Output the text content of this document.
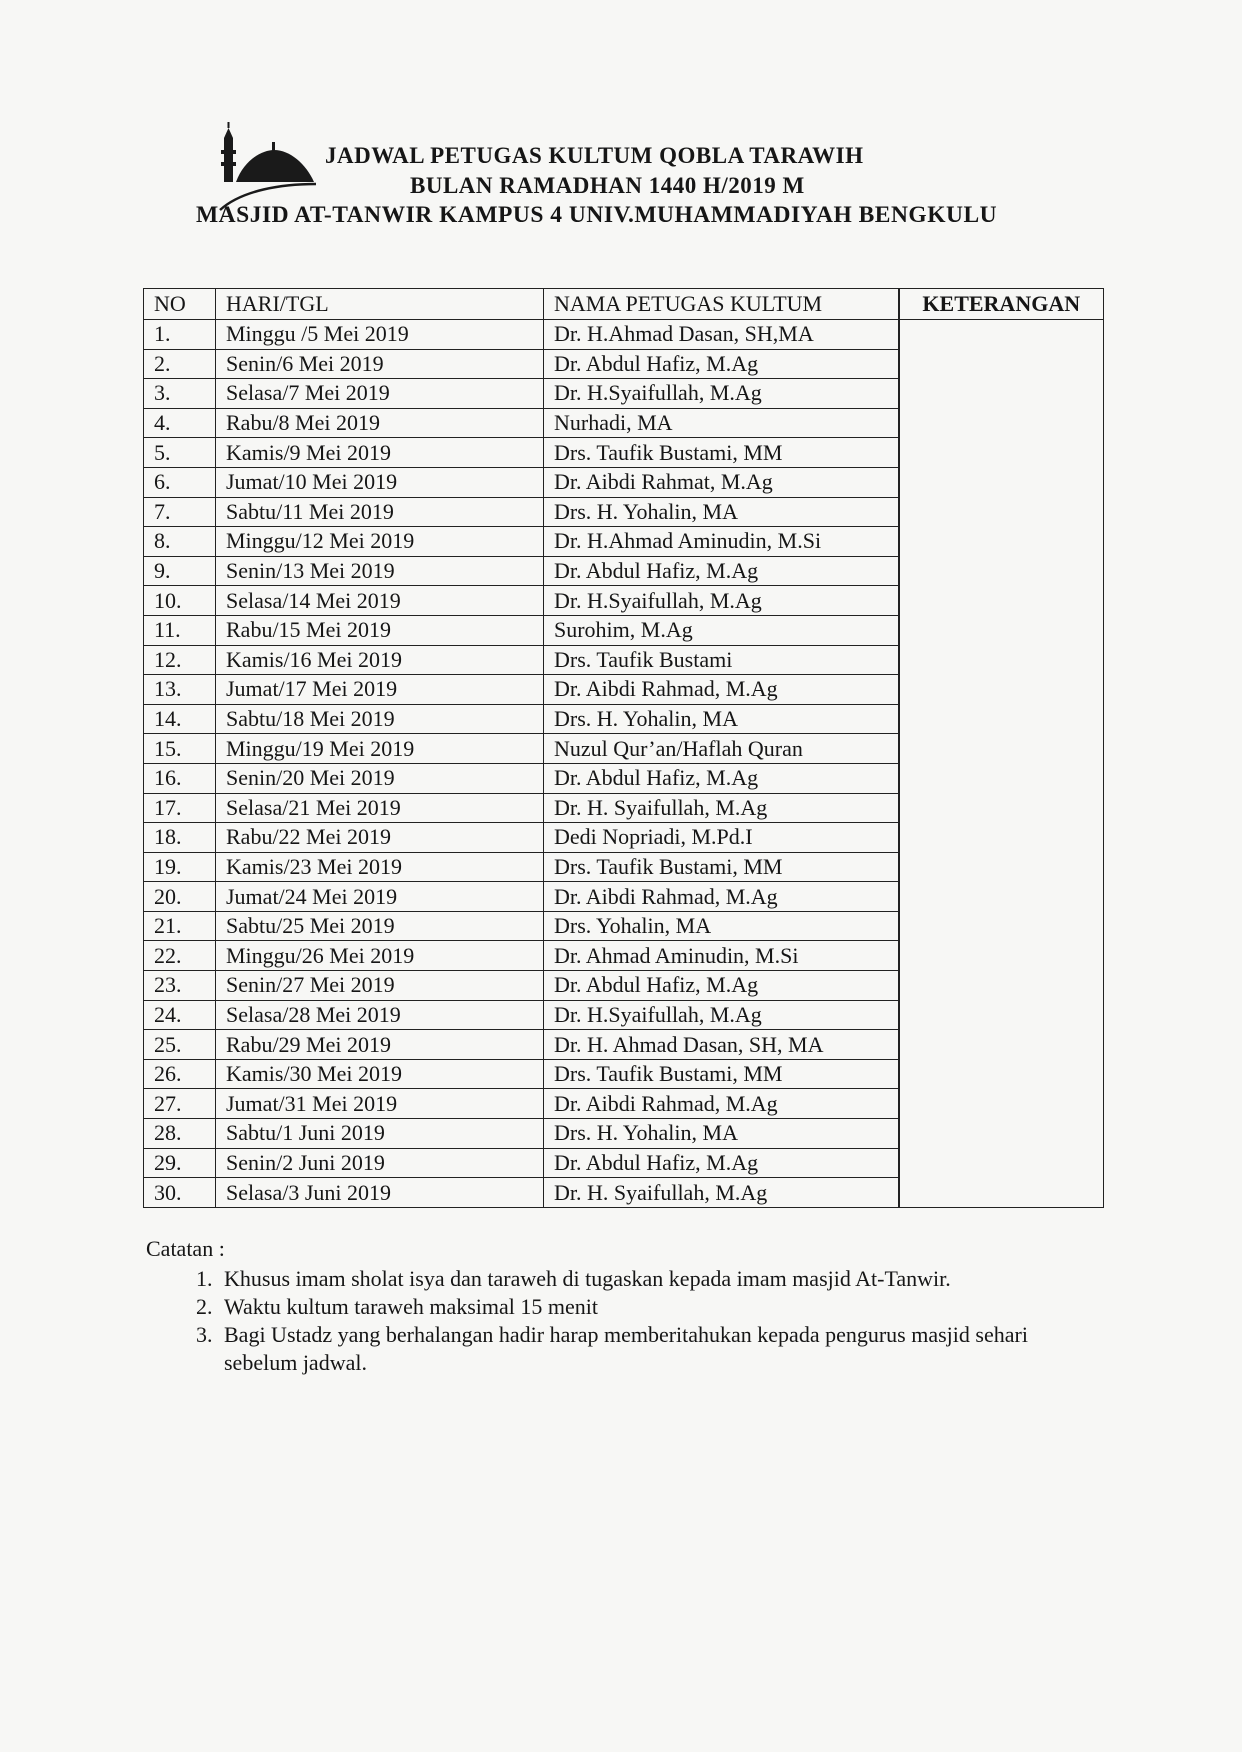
JADWAL PETUGAS KULTUM QOBLA TARAWIH
BULAN RAMADHAN 1440 H/2019 M
MASJID AT-TANWIR KAMPUS 4 UNIV.MUHAMMADIYAH BENGKULU
NO	HARI/TGL	NAMA PETUGAS KULTUM	KETERANGAN
1.	Minggu /5 Mei 2019	Dr. H.Ahmad Dasan, SH,MA	
2.	Senin/6 Mei 2019	Dr. Abdul Hafiz, M.Ag	
3.	Selasa/7 Mei 2019	Dr. H.Syaifullah, M.Ag	
4.	Rabu/8 Mei 2019	Nurhadi, MA	
5.	Kamis/9 Mei 2019	Drs. Taufik Bustami, MM	
6.	Jumat/10 Mei 2019	Dr. Aibdi Rahmat, M.Ag	
7.	Sabtu/11 Mei 2019	Drs. H. Yohalin, MA	
8.	Minggu/12 Mei 2019	Dr. H.Ahmad Aminudin, M.Si	
9.	Senin/13 Mei 2019	Dr. Abdul Hafiz, M.Ag	
10.	Selasa/14 Mei 2019	Dr. H.Syaifullah, M.Ag	
11.	Rabu/15 Mei 2019	Surohim, M.Ag	
12.	Kamis/16 Mei 2019	Drs. Taufik Bustami	
13.	Jumat/17 Mei 2019	Dr. Aibdi Rahmad, M.Ag	
14.	Sabtu/18 Mei 2019	Drs. H. Yohalin, MA	
15.	Minggu/19 Mei 2019	Nuzul Qur’an/Haflah Quran	
16.	Senin/20 Mei 2019	Dr. Abdul Hafiz, M.Ag	
17.	Selasa/21 Mei 2019	Dr. H. Syaifullah, M.Ag	
18.	Rabu/22 Mei 2019	Dedi Nopriadi, M.Pd.I	
19.	Kamis/23 Mei 2019	Drs. Taufik Bustami, MM	
20.	Jumat/24 Mei 2019	Dr. Aibdi Rahmad, M.Ag	
21.	Sabtu/25 Mei 2019	Drs. Yohalin, MA	
22.	Minggu/26 Mei 2019	Dr. Ahmad Aminudin, M.Si	
23.	Senin/27 Mei 2019	Dr. Abdul Hafiz, M.Ag	
24.	Selasa/28 Mei 2019	Dr. H.Syaifullah, M.Ag	
25.	Rabu/29 Mei 2019	Dr. H. Ahmad Dasan, SH, MA	
26.	Kamis/30 Mei 2019	Drs. Taufik Bustami, MM	
27.	Jumat/31 Mei 2019	Dr. Aibdi Rahmad, M.Ag	
28.	Sabtu/1 Juni 2019	Drs. H. Yohalin, MA	
29.	Senin/2 Juni 2019	Dr. Abdul Hafiz, M.Ag	
30.	Selasa/3 Juni 2019	Dr. H. Syaifullah, M.Ag	
Catatan :
1. Khusus imam sholat isya dan taraweh di tugaskan kepada imam masjid At-Tanwir.
2. Waktu kultum taraweh maksimal 15 menit
3. Bagi Ustadz yang berhalangan hadir harap memberitahukan kepada pengurus masjid sehari sebelum jadwal.
